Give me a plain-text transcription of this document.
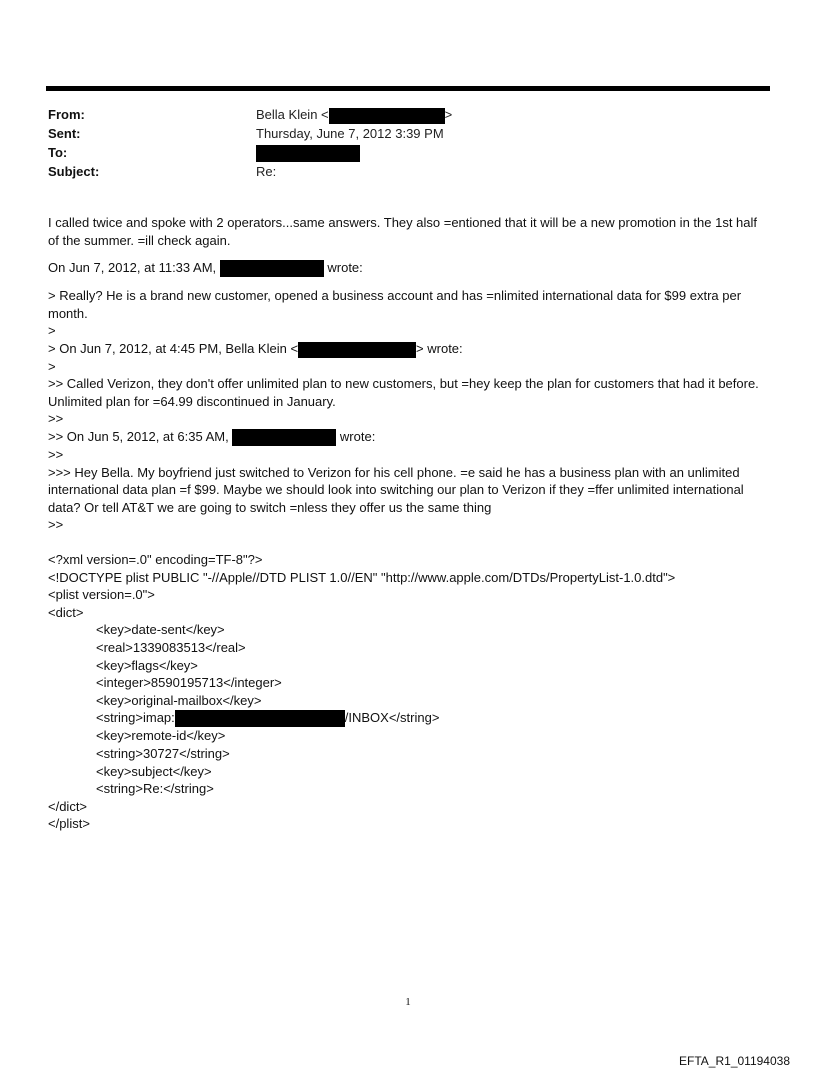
From:	Bella Klein <	>
Sent:	Thursday, June 7, 2012 3:39 PM
To:
Subject:	Re:

I called twice and spoke with 2 operators...same answers. They also =entioned that it will be a new promotion in the 1st half of the summer. =ill check again.

On Jun 7, 2012, at 11:33 AM,	wrote:

> Really? He is a brand new customer, opened a business account and has =nlimited international data for $99 extra per month.

>

> On Jun 7, 2012, at 4:45 PM, Bella Klein <	> wrote:

>

>> Called Verizon, they don't offer unlimited plan to new customers, but =hey keep the plan for customers that had it before. Unlimited plan for =64.99 discontinued in January.

>>

>> On Jun 5, 2012, at 6:35 AM,	wrote:

>>

>>> Hey Bella. My boyfriend just switched to Verizon for his cell phone. =e said he has a business plan with an unlimited international data plan =f $99. Maybe we should look into switching our plan to Verizon if they =ffer unlimited international data? Or tell AT&T we are going to switch =nless they offer us the same thing

>>

<?xml version=.0" encoding=TF-8"?>

<!DOCTYPE plist PUBLIC "-//Apple//DTD PLIST 1.0//EN" "http://www.apple.com/DTDs/PropertyList-1.0.dtd">

<plist version=.0">

<dict>

<key>date-sent</key>

<real>1339083513</real>

<key>flags</key>

<integer>8590195713</integer>

<key>original-mailbox</key>

<string>imap:	/INBOX</string>

<key>remote-id</key>

<string>30727</string>

<key>subject</key>

<string>Re:</string>

</dict>

</plist>

1
EFTA_R1_01194038
